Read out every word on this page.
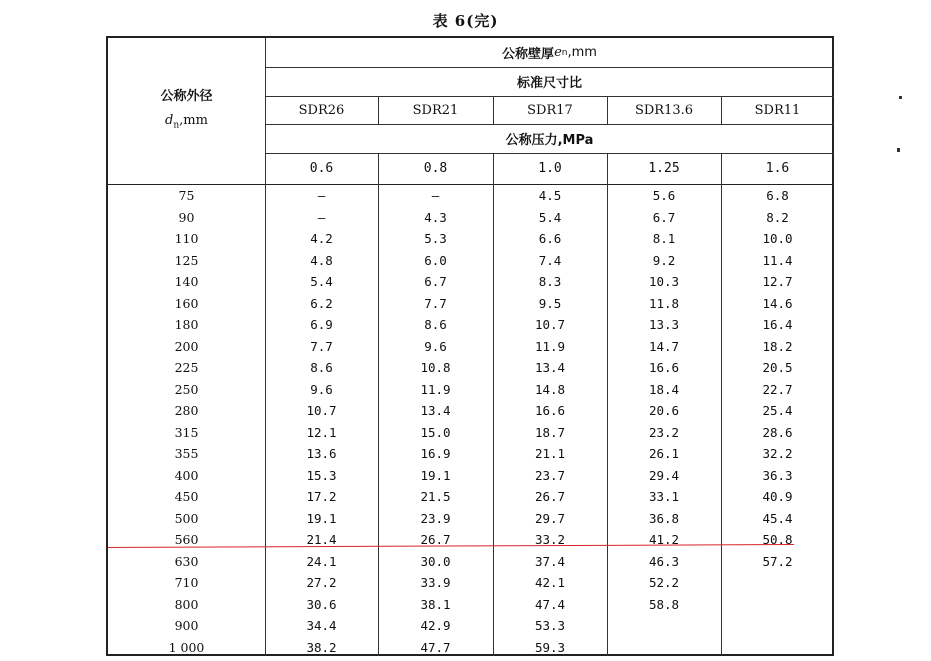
表 6(完)
公称外径
$d_n,mm$
公称壁厚 e n ,mm
标准尺寸比
SDR26	SDR21	SDR17	SDR13.6	SDR11
公称压力,MPa
0.6	0.8	1.0	1.25	1.6
75	—	—	4.5	5.6	6.8
90	—	4.3	5.4	6.7	8.2
110	4.2	5.3	6.6	8.1	10.0
125	4.8	6.0	7.4	9.2	11.4
140	5.4	6.7	8.3	10.3	12.7
160	6.2	7.7	9.5	11.8	14.6
180	6.9	8.6	10.7	13.3	16.4
200	7.7	9.6	11.9	14.7	18.2
225	8.6	10.8	13.4	16.6	20.5
250	9.6	11.9	14.8	18.4	22.7
280	10.7	13.4	16.6	20.6	25.4
315	12.1	15.0	18.7	23.2	28.6
355	13.6	16.9	21.1	26.1	32.2
400	15.3	19.1	23.7	29.4	36.3
450	17.2	21.5	26.7	33.1	40.9
500	19.1	23.9	29.7	36.8	45.4
560	21.4	26.7	33.2	41.2	50.8
630	24.1	30.0	37.4	46.3	57.2
710	27.2	33.9	42.1	52.2
800	30.6	38.1	47.4	58.8
900	34.4	42.9	53.3
1 000	38.2	47.7	59.3
